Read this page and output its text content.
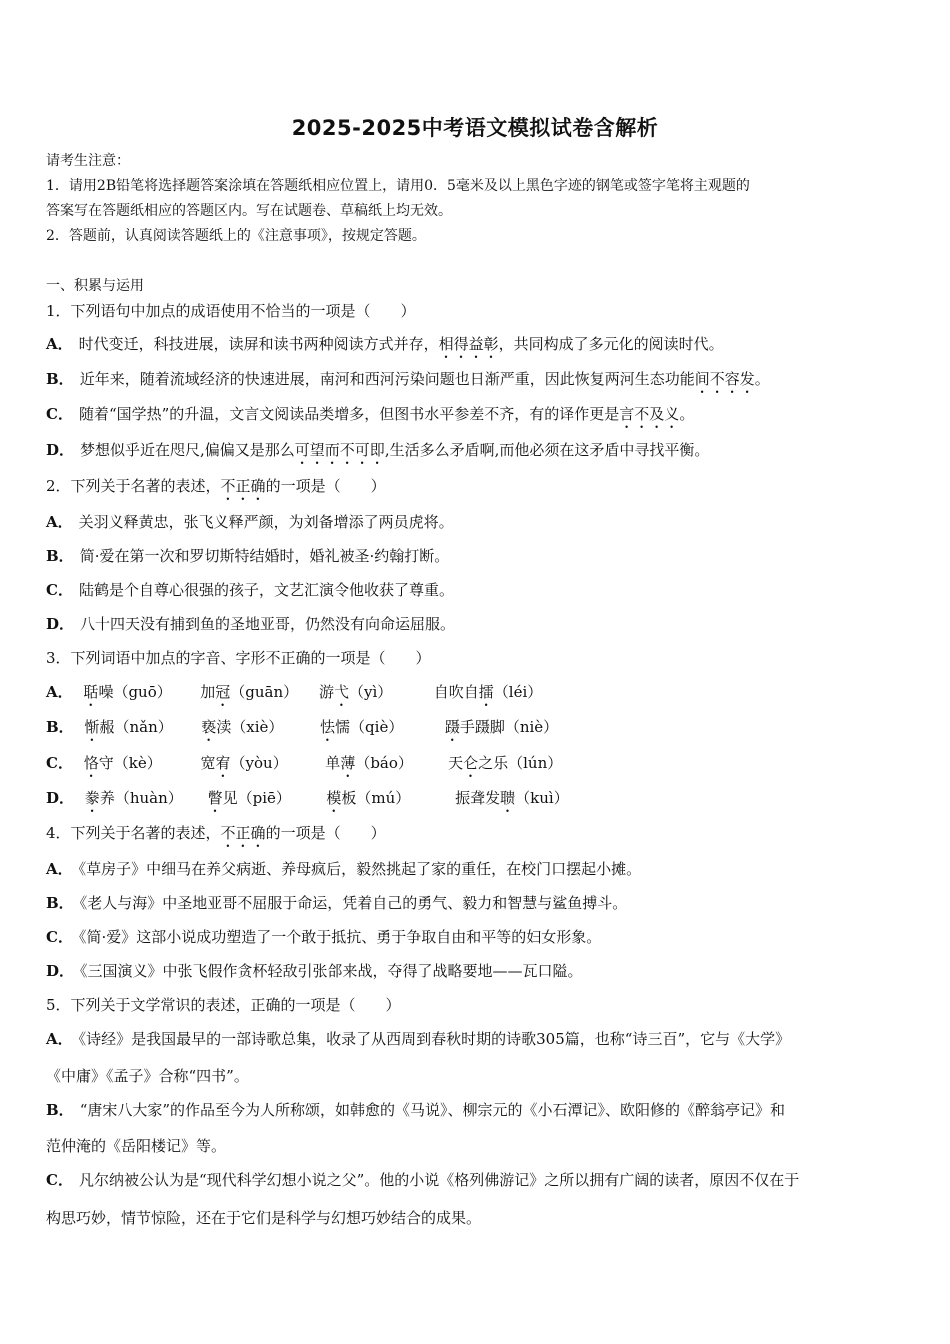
2025-2025中考语文模拟试卷含解析
请考生注意：
1．请用2B铅笔将选择题答案涂填在答题纸相应位置上，请用0．5毫米及以上黑色字迹的钢笔或签字笔将主观题的
答案写在答题纸相应的答题区内。写在试题卷、草稿纸上均无效。
2．答题前，认真阅读答题纸上的《注意事项》，按规定答题。
一、积累与运用
1．下列语句中加点的成语使用不恰当的一项是（　　）
A． 时代变迁，科技进展，读屏和读书两种阅读方式并存，相得益彰，共同构成了多元化的阅读时代。
B． 近年来，随着流域经济的快速进展，南河和西河污染问题也日渐严重，因此恢复两河生态功能间不容发。
C． 随着“国学热”的升温，文言文阅读品类增多，但图书水平参差不齐，有的译作更是言不及义。
D． 梦想似乎近在咫尺,偏偏又是那么可望而不可即,生活多么矛盾啊,而他必须在这矛盾中寻找平衡。
2．下列关于名著的表述，不正确的一项是（　　）
A． 关羽义释黄忠，张飞义释严颜，为刘备增添了两员虎将。
B． 简·爱在第一次和罗切斯特结婚时，婚礼被圣·约翰打断。
C． 陆鹤是个自尊心很强的孩子，文艺汇演令他收获了尊重。
D． 八十四天没有捕到鱼的圣地亚哥，仍然没有向命运屈服。
3．下列词语中加点的字音、字形不正确的一项是（　　）
A． 聒噪（guō） 加冠（guān） 游弋（yì）	自吹自擂（léi）
B． 惭赧（nǎn） 亵渎（xiè） 怯懦（qiè）	蹑手蹑脚（niè）
C． 恪守（kè）	宽宥（yòu）	单薄（báo） 天仑之乐（lún）
D． 豢养（huàn） 瞥见（piē） 模板（mú）	振聋发聩（kuì）
4．下列关于名著的表述，不正确的一项是（　　）
A． 《草房子》中细马在养父病逝、养母疯后，毅然挑起了家的重任，在校门口摆起小摊。
B． 《老人与海》中圣地亚哥不屈服于命运，凭着自己的勇气、毅力和智慧与鲨鱼搏斗。
C． 《简·爱》这部小说成功塑造了一个敢于抵抗、勇于争取自由和平等的妇女形象。
D． 《三国演义》中张飞假作贪杯轻敌引张郃来战，夺得了战略要地——瓦口隘。
5．下列关于文学常识的表述，正确的一项是（　　）
A． 《诗经》是我国最早的一部诗歌总集，收录了从西周到春秋时期的诗歌305篇，也称“诗三百”，它与《大学》
《中庸》《孟子》合称“四书”。
B． “唐宋八大家”的作品至今为人所称颂，如韩愈的《马说》、柳宗元的《小石潭记》、欧阳修的《醉翁亭记》和
范仲淹的《岳阳楼记》等。
C． 凡尔纳被公认为是“现代科学幻想小说之父”。他的小说《格列佛游记》之所以拥有广阔的读者，原因不仅在于
构思巧妙，情节惊险，还在于它们是科学与幻想巧妙结合的成果。
